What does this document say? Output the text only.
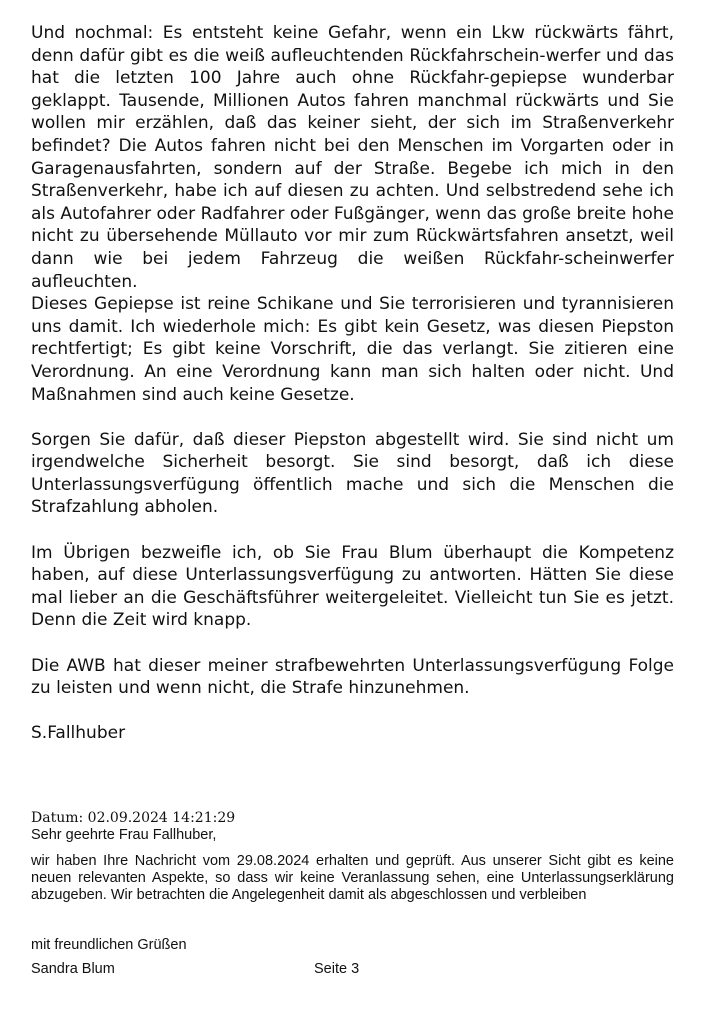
Und nochmal: Es entsteht keine Gefahr, wenn ein Lkw rückwärts fährt, denn dafür gibt es die weiß aufleuchtenden Rückfahrschein-werfer und das hat die letzten 100 Jahre auch ohne Rückfahr-gepiepse wunderbar geklappt. Tausende, Millionen Autos fahren manchmal rückwärts und Sie wollen mir erzählen, daß das keiner sieht, der sich im Straßenverkehr befindet? Die Autos fahren nicht bei den Menschen im Vorgarten oder in Garagenausfahrten, sondern auf der Straße. Begebe ich mich in den Straßenverkehr, habe ich auf diesen zu achten. Und selbstredend sehe ich als Autofahrer oder Radfahrer oder Fußgänger, wenn das große breite hohe nicht zu übersehende Müllauto vor mir zum Rückwärtsfahren ansetzt, weil dann wie bei jedem Fahrzeug die weißen Rückfahr-scheinwerfer aufleuchten.

Dieses Gepiepse ist reine Schikane und Sie terrorisieren und tyrannisieren uns damit. Ich wiederhole mich: Es gibt kein Gesetz, was diesen Piepston rechtfertigt; Es gibt keine Vorschrift, die das verlangt. Sie zitieren eine Verordnung. An eine Verordnung kann man sich halten oder nicht. Und Maßnahmen sind auch keine Gesetze.

Sorgen Sie dafür, daß dieser Piepston abgestellt wird. Sie sind nicht um irgendwelche Sicherheit besorgt. Sie sind besorgt, daß ich diese Unterlassungsverfügung öffentlich mache und sich die Menschen die Strafzahlung abholen.

Im Übrigen bezweifle ich, ob Sie Frau Blum überhaupt die Kompetenz haben, auf diese Unterlassungsverfügung zu antworten. Hätten Sie diese mal lieber an die Geschäftsführer weitergeleitet. Vielleicht tun Sie es jetzt. Denn die Zeit wird knapp.

Die AWB hat dieser meiner strafbewehrten Unterlassungsverfügung Folge zu leisten und wenn nicht, die Strafe hinzunehmen.

S.Fallhuber

Datum: 02.09.2024 14:21:29

Sehr geehrte Frau Fallhuber,

wir haben Ihre Nachricht vom 29.08.2024 erhalten und geprüft. Aus unserer Sicht gibt es keine neuen relevanten Aspekte, so dass wir keine Veranlassung sehen, eine Unterlassungserklärung abzugeben. Wir betrachten die Angelegenheit damit als abgeschlossen und verbleiben

mit freundlichen Grüßen

Sandra Blum	Seite 3
